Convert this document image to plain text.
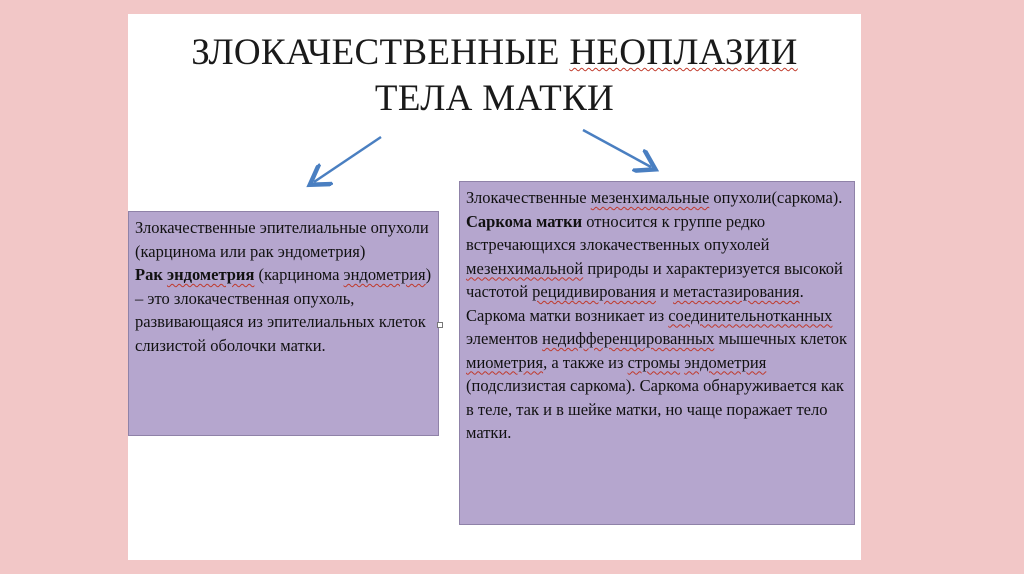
ЗЛОКАЧЕСТВЕННЫЕ НЕОПЛАЗИИ
ТЕЛА МАТКИ

Злокачественные эпителиальные опухоли (карцинома или рак эндометрия)

Рак эндометрия (карцинома эндометрия) – это злокачественная опухоль, развивающаяся из эпителиальных клеток слизистой оболочки матки.

Злокачественные мезенхимальные опухоли(саркома).

Саркома матки относится к группе редко встречающихся злокачественных опухолей мезенхимальной природы и характеризуется высокой частотой рецидивирования и метастазирования.

Саркома матки возникает из соединительнотканных элементов недифференцированных мышечных клеток миометрия, а также из стромы эндометрия (подслизистая саркома). Саркома обнаруживается как в теле, так и в шейке матки, но чаще поражает тело матки.
